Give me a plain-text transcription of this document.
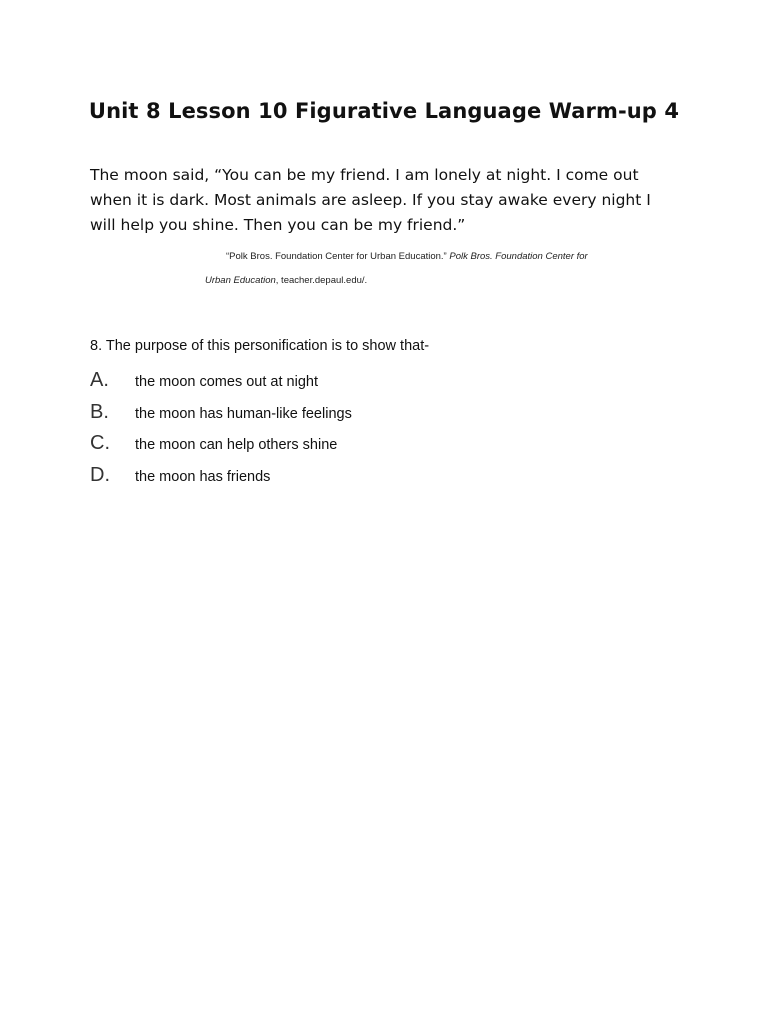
Unit 8 Lesson 10 Figurative Language Warm-up 4
The moon said, “You can be my friend. I am lonely at night. I come out
when it is dark. Most animals are asleep. If you stay awake every night I
will help you shine. Then you can be my friend.”
“Polk Bros. Foundation Center for Urban Education.” Polk Bros. Foundation Center for
Urban Education, teacher.depaul.edu/.
8. The purpose of this personification is to show that-
A. the moon comes out at night
B. the moon has human-like feelings
C. the moon can help others shine
D. the moon has friends
